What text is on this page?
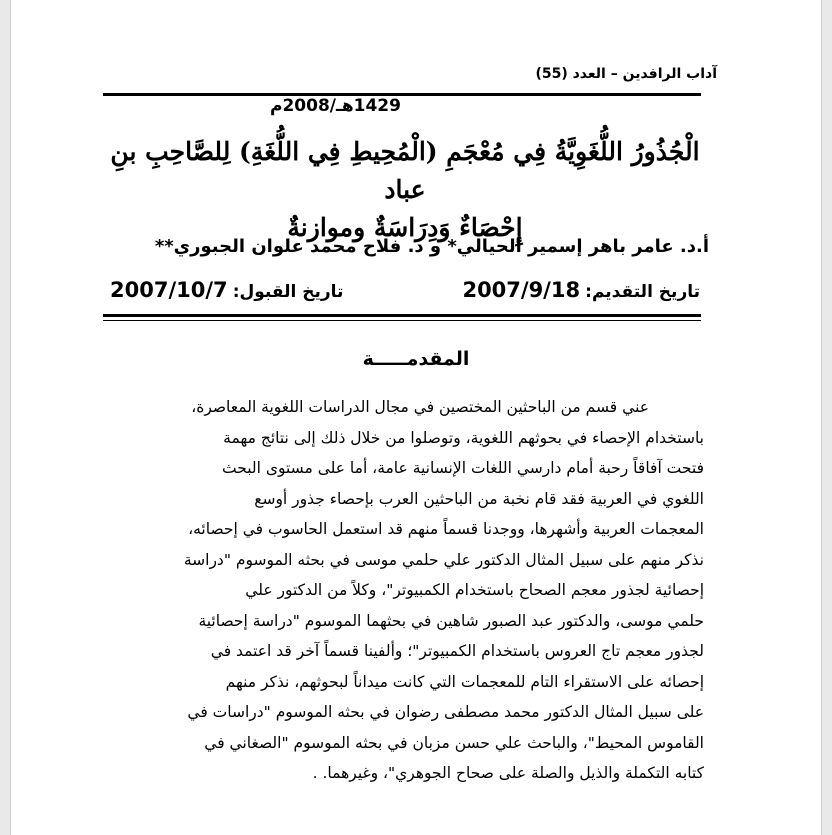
آداب الرافدين – العدد (55)
1429هـ/2008م
الْجُذُورُ اللُّغَوِيَّةُ فِي مُعْجَمِ (الْمُحِيطِ فِي اللُّغَةِ) لِلصَّاحِبِ بنِ عباد
إِحْصَاءٌ وَدِرَاسَةٌ وموازنةٌ
أ.د. عامر باهر إسمير الحيالي* و د. فلاح محمد علوان الجبوري**
تاريخ التقديم: 2007/9/18
تاريخ القبول: 2007/10/7
المقدمـــــة
عني قسم من الباحثين المختصين في مجال الدراسات اللغوية المعاصرة،
باستخدام الإحصاء في بحوثهم اللغوية، وتوصلوا من خلال ذلك إلى نتائج مهمة
فتحت آفاقاً رحبة أمام دارسي اللغات الإنسانية عامة، أما على مستوى البحث
اللغوي في العربية فقد قام نخبة من الباحثين العرب بإحصاء جذور أوسع
المعجمات العربية وأشهرها، ووجدنا قسماً منهم قد استعمل الحاسوب في إحصائه،
نذكر منهم على سبيل المثال الدكتور علي حلمي موسى في بحثه الموسوم "دراسة
إحصائية لجذور معجم الصحاح باستخدام الكمبيوتر"، وكلاً من الدكتور علي
حلمي موسى، والدكتور عبد الصبور شاهين في بحثهما الموسوم "دراسة إحصائية
لجذور معجم تاج العروس باستخدام الكمبيوتر"؛ وألفينا قسماً آخر قد اعتمد في
إحصائه على الاستقراء التام للمعجمات التي كانت ميداناً لبحوثهم، نذكر منهم
على سبيل المثال الدكتور محمد مصطفى رضوان في بحثه الموسوم "دراسات في
القاموس المحيط"، والباحث علي حسن مزبان في بحثه الموسوم "الصغاني في
كتابه التكملة والذيل والصلة على صحاح الجوهري"، وغيرهما. .
